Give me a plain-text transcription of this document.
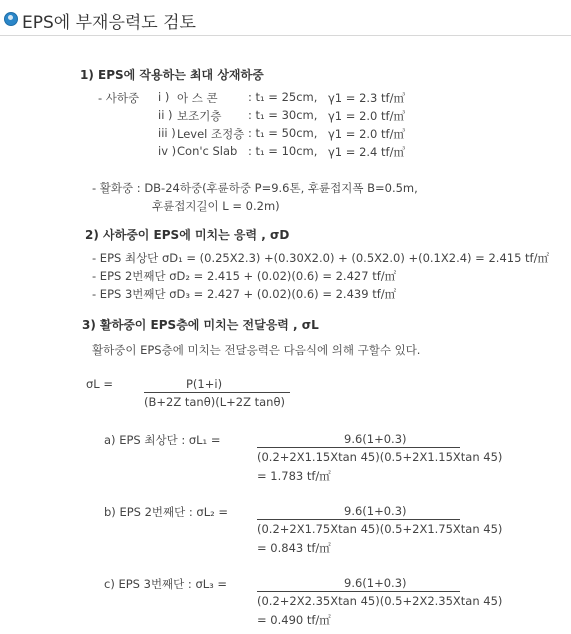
EPS에 부재응력도 검토
1) EPS에 작용하는 최대 상재하중
- 사하중 i ) 아 스 콘	: t₁ = 25cm, γ1 = 2.3 tf/㎥
ii ) 보조기층 : t₁ = 30cm, γ1 = 2.0 tf/㎥
iii ) Level 조정층 : t₁ = 50cm, γ1 = 2.0 tf/㎥
iv ) Con'c Slab : t₁ = 10cm, γ1 = 2.4 tf/㎥
- 활화중 : DB-24하중(후륜하중 P=9.6톤, 후륜접지폭 B=0.5m,
후륜접지길이 L = 0.2m)
2) 사하중이 EPS에 미치는 응력 , σD
- EPS 최상단 σD₁ = (0.25X2.3) +(0.30X2.0) + (0.5X2.0) +(0.1X2.4) = 2.415 tf/㎡
- EPS 2번째단 σD₂ = 2.415 + (0.02)(0.6) = 2.427 tf/㎡
- EPS 3번째단 σD₃ = 2.427 + (0.02)(0.6) = 2.439 tf/㎡
3) 활하중이 EPS층에 미치는 전달응력 , σL
활하중이 EPS층에 미치는 전달응력은 다음식에 의해 구할수 있다.
σL =	P(1+i)
(B+2Z tanθ)(L+2Z tanθ)
a) EPS 최상단 : σL₁ =	9.6(1+0.3)
(0.2+2X1.15Xtan 45)(0.5+2X1.15Xtan 45)
= 1.783 tf/㎡
b) EPS 2번째단 : σL₂ =	9.6(1+0.3)
(0.2+2X1.75Xtan 45)(0.5+2X1.75Xtan 45)
= 0.843 tf/㎡
c) EPS 3번째단 : σL₃ =	9.6(1+0.3)
(0.2+2X2.35Xtan 45)(0.5+2X2.35Xtan 45)
= 0.490 tf/㎡
